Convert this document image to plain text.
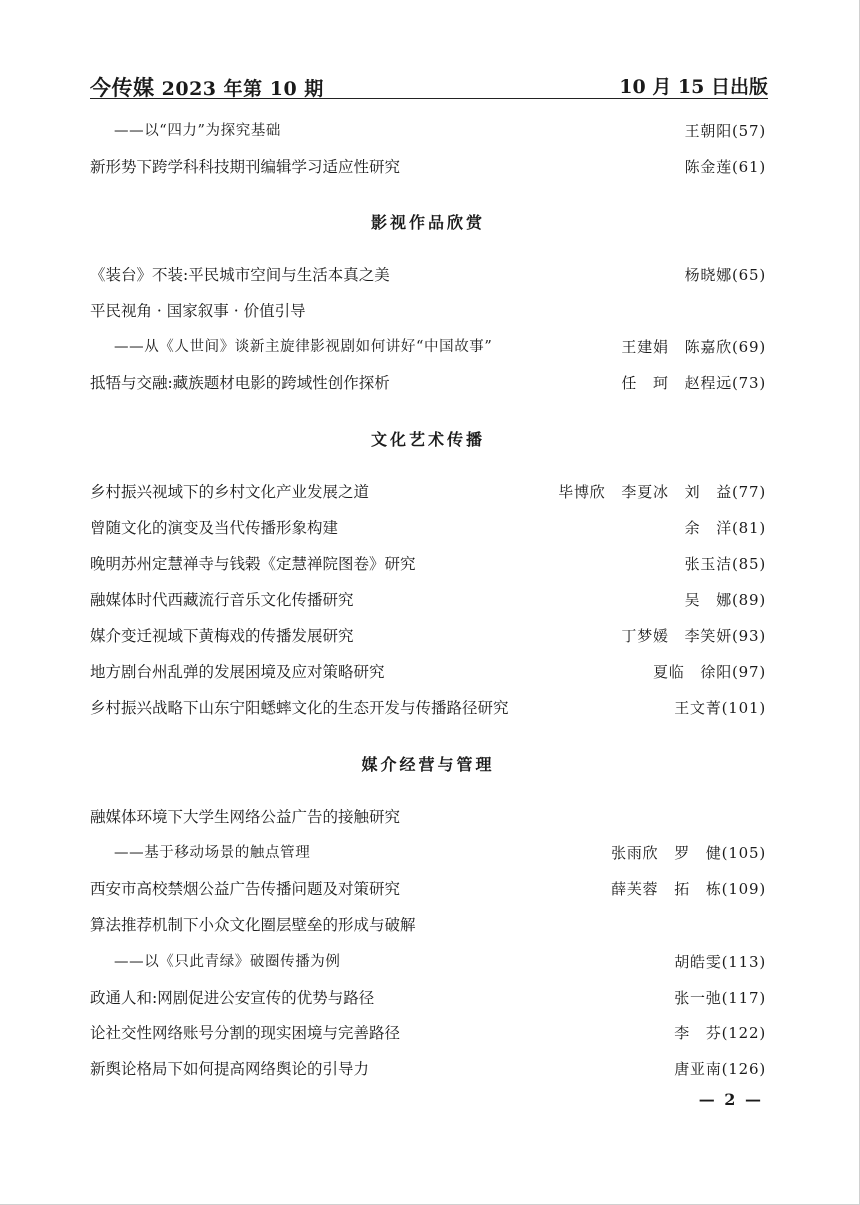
今传媒 2023 年第 10 期	10 月 15 日出版
——以“四力”为探究基础	王朝阳(57)
新形势下跨学科科技期刊编辑学习适应性研究	陈金莲(61)
影视作品欣赏
《装台》不装:平民城市空间与生活本真之美	杨晓娜(65)
平民视角 · 国家叙事 · 价值引导
——从《人世间》谈新主旋律影视剧如何讲好“中国故事”	王建娟　陈嘉欣(69)
抵牾与交融:藏族题材电影的跨域性创作探析	任　珂　赵程远(73)
文化艺术传播
乡村振兴视域下的乡村文化产业发展之道	毕博欣　李夏冰　刘　益(77)
曾随文化的演变及当代传播形象构建	余　洋(81)
晚明苏州定慧禅寺与钱榖《定慧禅院图卷》研究	张玉洁(85)
融媒体时代西藏流行音乐文化传播研究	吴　娜(89)
媒介变迁视域下黄梅戏的传播发展研究	丁梦媛　李笑妍(93)
地方剧台州乱弹的发展困境及应对策略研究	夏临　徐阳(97)
乡村振兴战略下山东宁阳蟋蟀文化的生态开发与传播路径研究	王文菁(101)
媒介经营与管理
融媒体环境下大学生网络公益广告的接触研究
——基于移动场景的触点管理	张雨欣　罗　健(105)
西安市高校禁烟公益广告传播问题及对策研究	薛芙蓉　拓　栋(109)
算法推荐机制下小众文化圈层壁垒的形成与破解
——以《只此青绿》破圈传播为例	胡皓雯(113)
政通人和:网剧促进公安宣传的优势与路径	张一弛(117)
论社交性网络账号分割的现实困境与完善路径	李　芬(122)
新舆论格局下如何提高网络舆论的引导力	唐亚南(126)
— 2 —
